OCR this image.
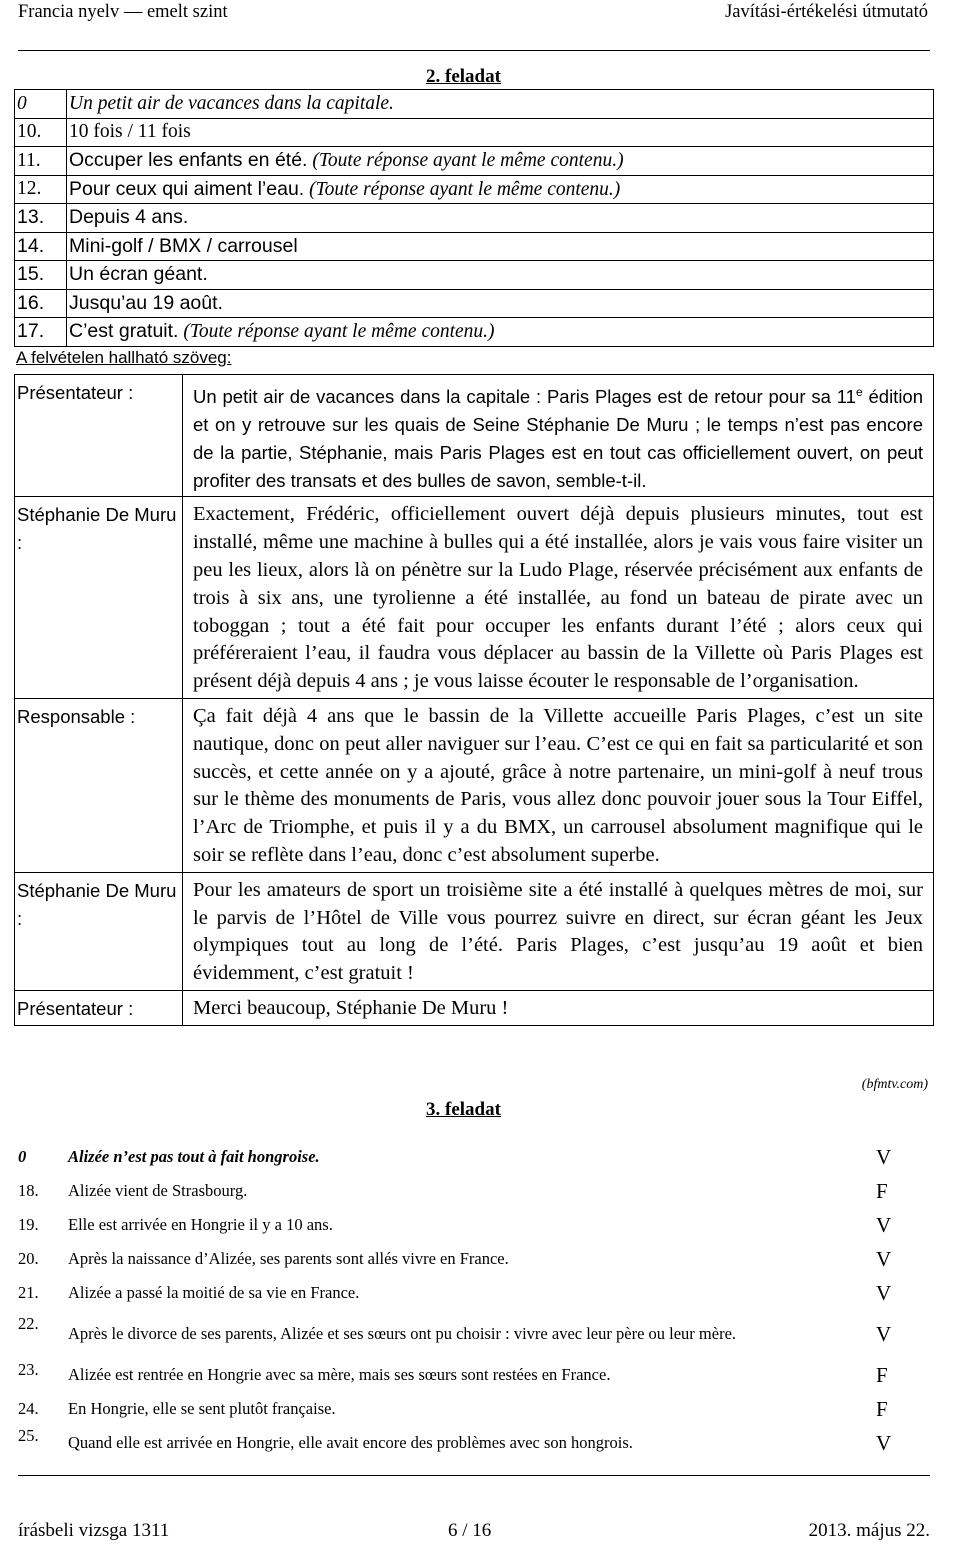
Francia nyelv — emelt szint	Javítási-értékelési útmutató
2. feladat
0	Un petit air de vacances dans la capitale.
10.	10 fois / 11 fois
11.	Occuper les enfants en été. (Toute réponse ayant le même contenu.)
12.	Pour ceux qui aiment l’eau. (Toute réponse ayant le même contenu.)
13.	Depuis 4 ans.
14.	Mini-golf / BMX / carrousel
15.	Un écran géant.
16.	Jusqu’au 19 août.
17.	C’est gratuit. (Toute réponse ayant le même contenu.)
A felvételen hallható szöveg:
Présentateur :	Un petit air de vacances dans la capitale : Paris Plages est de retour pour sa 11e édition et on y retrouve sur les quais de Seine Stéphanie De Muru ; le temps n’est pas encore de la partie, Stéphanie, mais Paris Plages est en tout cas officiellement ouvert, on peut profiter des transats et des bulles de savon, semble-t-il.
Stéphanie De Muru :	Exactement, Frédéric, officiellement ouvert déjà depuis plusieurs minutes, tout est installé, même une machine à bulles qui a été installée, alors je vais vous faire visiter un peu les lieux, alors là on pénètre sur la Ludo Plage, réservée précisément aux enfants de trois à six ans, une tyrolienne a été installée, au fond un bateau de pirate avec un toboggan ; tout a été fait pour occuper les enfants durant l’été ; alors ceux qui préféreraient l’eau, il faudra vous déplacer au bassin de la Villette où Paris Plages est présent déjà depuis 4 ans ; je vous laisse écouter le responsable de l’organisation.
Responsable :	Ça fait déjà 4 ans que le bassin de la Villette accueille Paris Plages, c’est un site nautique, donc on peut aller naviguer sur l’eau. C’est ce qui en fait sa particularité et son succès, et cette année on y a ajouté, grâce à notre partenaire, un mini-golf à neuf trous sur le thème des monuments de Paris, vous allez donc pouvoir jouer sous la Tour Eiffel, l’Arc de Triomphe, et puis il y a du BMX, un carrousel absolument magnifique qui le soir se reflète dans l’eau, donc c’est absolument superbe.
Stéphanie De Muru :	Pour les amateurs de sport un troisième site a été installé à quelques mètres de moi, sur le parvis de l’Hôtel de Ville vous pourrez suivre en direct, sur écran géant les Jeux olympiques tout au long de l’été. Paris Plages, c’est jusqu’au 19 août et bien évidemment, c’est gratuit !
Présentateur :	Merci beaucoup, Stéphanie De Muru !
(bfmtv.com)
3. feladat
0	Alizée n’est pas tout à fait hongroise.	V
18.	Alizée vient de Strasbourg.	F
19.	Elle est arrivée en Hongrie il y a 10 ans.	V
20.	Après la naissance d’Alizée, ses parents sont allés vivre en France.	V
21.	Alizée a passé la moitié de sa vie en France.	V
22.	Après le divorce de ses parents, Alizée et ses sœurs ont pu choisir : vivre avec leur père ou leur mère.	V
23.	Alizée est rentrée en Hongrie avec sa mère, mais ses sœurs sont restées en France.	F
24.	En Hongrie, elle se sent plutôt française.	F
25.	Quand elle est arrivée en Hongrie, elle avait encore des problèmes avec son hongrois.	V
írásbeli vizsga 1311	6 / 16	2013. május 22.
